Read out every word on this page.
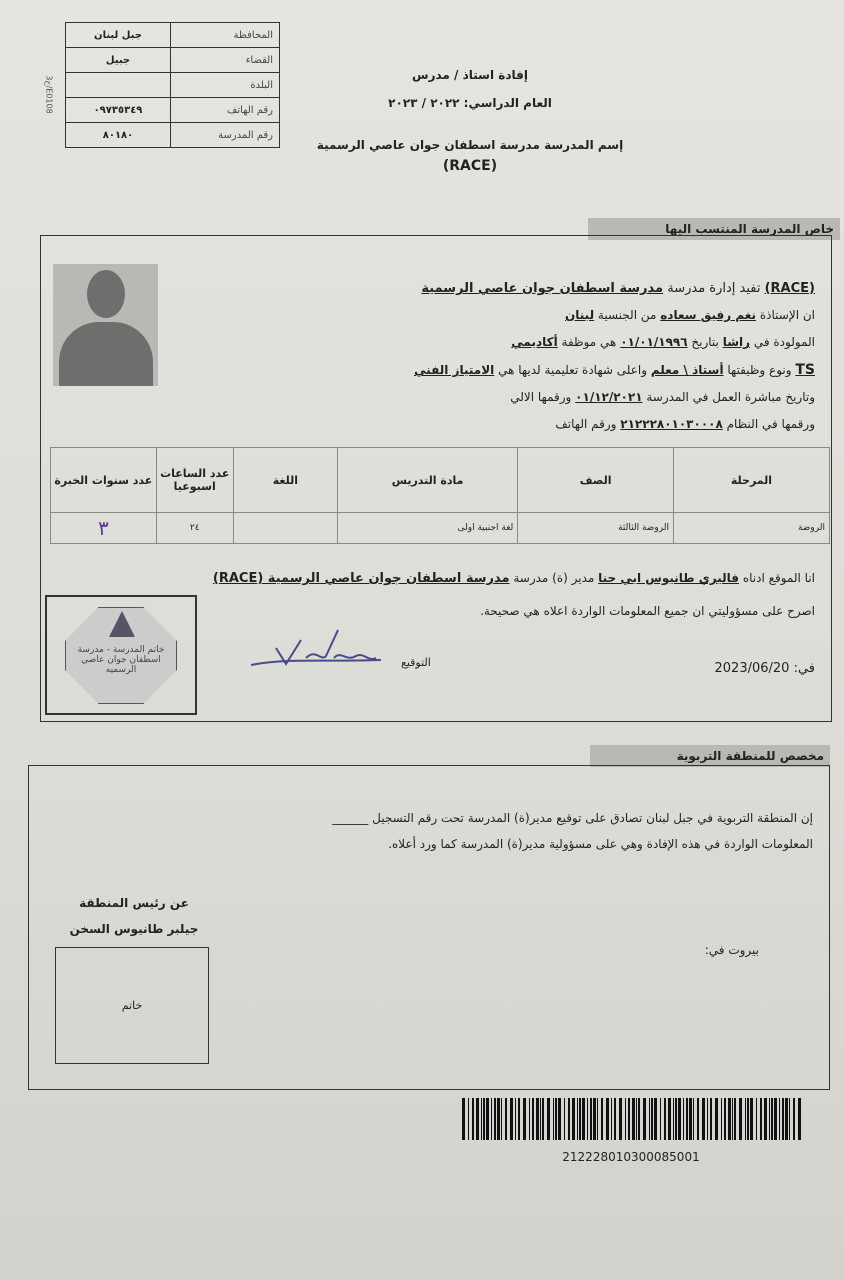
3ح/E0108
المحافظة	جبل لبنان
القضاء	جبيل
البلدة	
رقم الهاتف	٠٩٧٣٥٣٤٩
رقم المدرسة	٨٠١٨٠
إفادة استاذ / مدرس
العام الدراسي: ٢٠٢٢ / ٢٠٢٣
إسم المدرسة مدرسة اسطفان جوان عاصي الرسمية
(RACE)
خاص المدرسة المنتسب اليها
(RACE) تفيد إدارة مدرسة مدرسة اسطفان جوان عاصي الرسمية
ان الإستاذة نغم رفيق سعاده من الجنسية لبنان
المولودة في راشا بتاريخ ٠١/٠١/١٩٩٦ هي موظفة أكاديمي
TS ونوع وظيفتها أستاذ \ معلم واعلى شهادة تعليمية لديها هي الامتياز الفني
وتاريخ مباشرة العمل في المدرسة ٠١/١٢/٢٠٢١ ورقمها الالي
ورقمها في النظام ٢١٢٢٢٨٠١٠٣٠٠٠٨ ورقم الهاتف
انا الموقع ادناه فاليري طانيوس ابي حنا مدير (ة) مدرسة مدرسة اسطفان جوان عاصي الرسمية (RACE)
اصرح على مسؤوليتي ان جميع المعلومات الواردة اعلاه هي صحيحة.
التوقيع	في: 2023/06/20
خاتم المدرسة - مدرسة اسطفان جوان عاصي الرسميه
المرحلة	الصف	مادة التدريس	اللغة	عدد الساعات اسبوعيا	عدد سنوات الخبرة
الروضة	الروضة الثالثة	لغة اجنبية اولى		٢٤	٣
مخصص للمنطقة التربوية
إن المنطقة التربوية في جبل لبنان تصادق على توقيع مدير(ة) المدرسة تحت رقم التسجيل ______
المعلومات الواردة في هذه الإفادة وهي على مسؤولية مدير(ة) المدرسة كما ورد أعلاه.
عن رئيس المنطقة
جيلبر طانيوس السخن
خاتم
بيروت في:
212228010300085001
